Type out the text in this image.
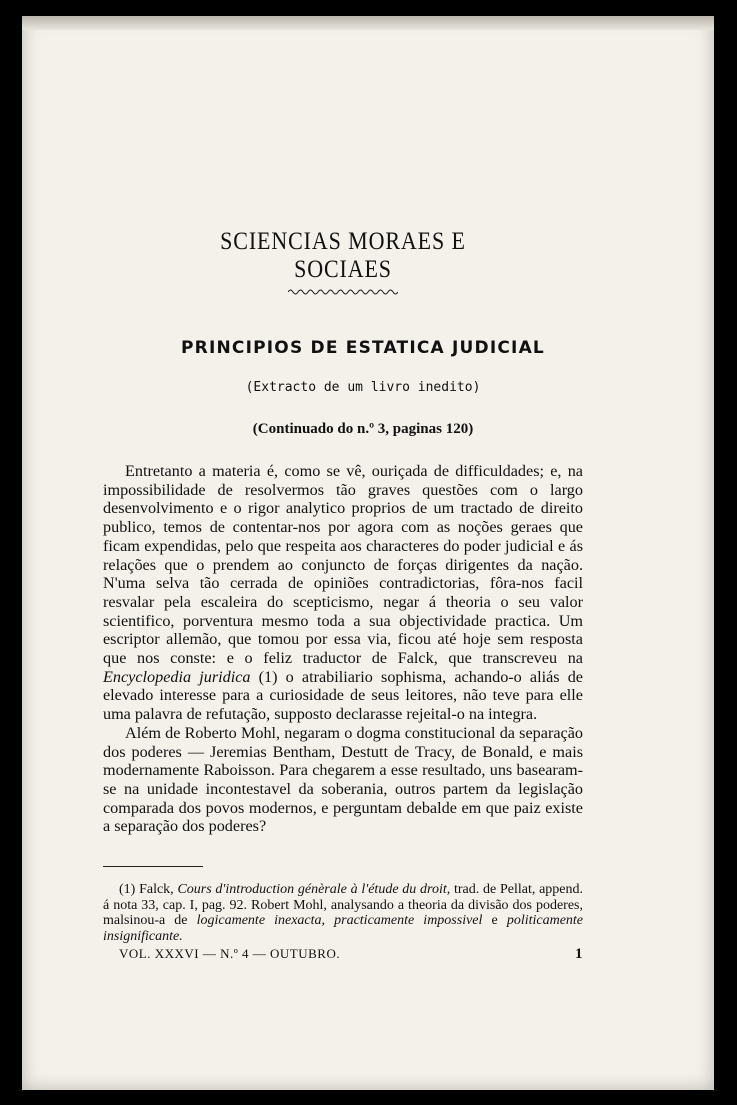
SCIENCIAS MORAES E SOCIAES
PRINCIPIOS DE ESTATICA JUDICIAL
(Extracto de um livro inedito)
(Continuado do n.º 3, paginas 120)

Entretanto a materia é, como se vê, ouriçada de difficuldades; e, na impossibilidade de resolvermos tão graves questões com o largo desenvolvimento e o rigor analytico proprios de um tractado de direito publico, temos de contentar-nos por agora com as noções geraes que ficam expendidas, pelo que respeita aos characteres do poder judicial e ás relações que o prendem ao conjuncto de forças dirigentes da nação. N'uma selva tão cerrada de opiniões contradictorias, fôra-nos facil resvalar pela escaleira do scepticismo, negar á theoria o seu valor scientifico, porventura mesmo toda a sua objectividade practica. Um escriptor allemão, que tomou por essa via, ficou até hoje sem resposta que nos conste: e o feliz traductor de Falck, que transcreveu na Encyclopedia juridica (1) o atrabiliario sophisma, achando-o aliás de elevado interesse para a curiosidade de seus leitores, não teve para elle uma palavra de refutação, supposto declarasse rejeital-o na integra.

Além de Roberto Mohl, negaram o dogma constitucional da separação dos poderes — Jeremias Bentham, Destutt de Tracy, de Bonald, e mais modernamente Raboisson. Para chegarem a esse resultado, uns basearam-se na unidade incontestavel da soberania, outros partem da legislação comparada dos povos modernos, e perguntam debalde em que paiz existe a separação dos poderes?

(1) Falck, Cours d'introduction génèrale à l'étude du droit, trad. de Pellat, append. á nota 33, cap. I, pag. 92. Robert Mohl, analysando a theoria da divisão dos poderes, malsinou-a de logicamente inexacta, practicamente impossivel e politicamente insignificante.

VOL. XXXVI — N.º 4 — OUTUBRO.	1
